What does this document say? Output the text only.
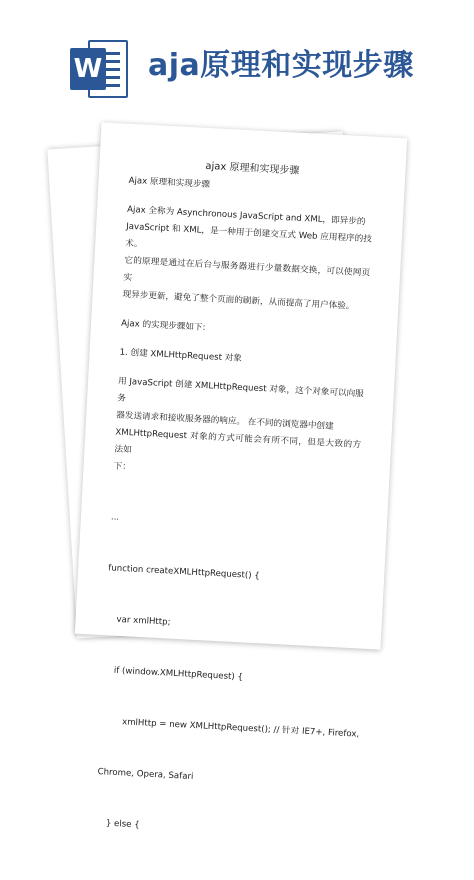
W aja原理和实现步骤

ajax 原理和实现步骤

Ajax 原理和实现步骤

Ajax 全称为 Asynchronous JavaScript and XML，即异步的

JavaScript 和 XML，是一种用于创建交互式 Web 应用程序的技术。

它的原理是通过在后台与服务器进行少量数据交换，可以使网页实

现异步更新，避免了整个页面的刷新，从而提高了用户体验。

Ajax 的实现步骤如下:

1. 创建 XMLHttpRequest 对象

用 JavaScript 创建 XMLHttpRequest 对象，这个对象可以向服务

器发送请求和接收服务器的响应。 在不同的浏览器中创建

XMLHttpRequest 对象的方式可能会有所不同，但是大致的方法如

下：

...

function createXMLHttpRequest() {

var xmlHttp;

if (window.XMLHttpRequest) {

xmlHttp = new XMLHttpRequest(); // 针对 IE7+, Firefox,

Chrome, Opera, Safari

} else {
